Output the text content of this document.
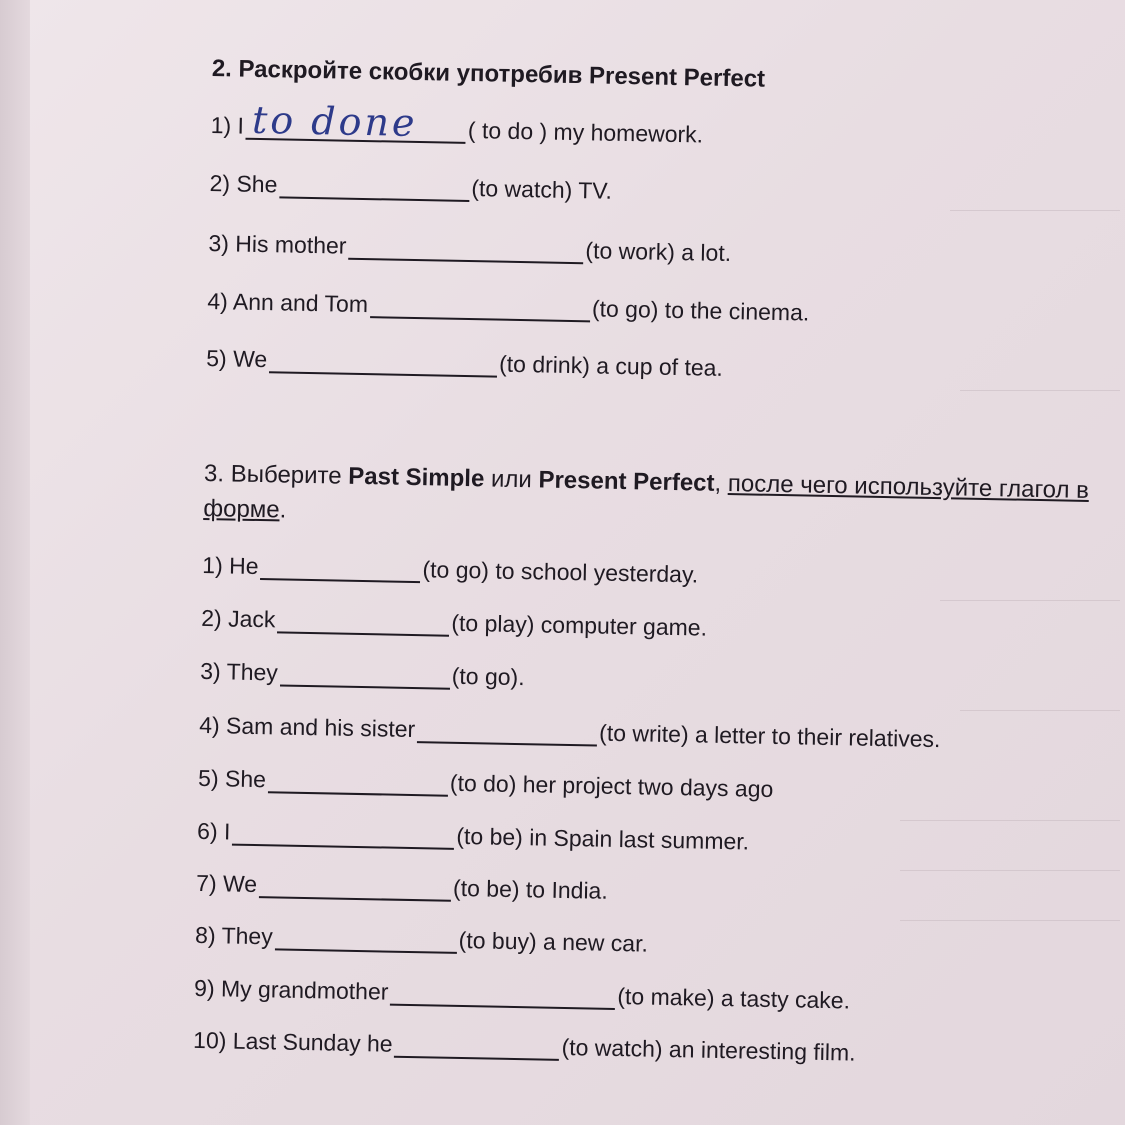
2. Раскройте скобки употребив Present Perfect
1) I to done ( to do ) my homework.
2) She	(to watch) TV.
3) His mother	(to work) a lot.
4) Ann and Tom	(to go) to the cinema.
5) We	(to drink) a cup of tea.
3. Выберите Past Simple или Present Perfect, после чего используйте глагол в
форме.
1) He	(to go) to school yesterday.
2) Jack	(to play) computer game.
3) They	(to go).
4) Sam and his sister	(to write) a letter to their relatives.
5) She	(to do) her project two days ago
6) I	(to be) in Spain last summer.
7) We	(to be) to India.
8) They	(to buy) a new car.
9) My grandmother	(to make) a tasty cake.
10) Last Sunday he	(to watch) an interesting film.
